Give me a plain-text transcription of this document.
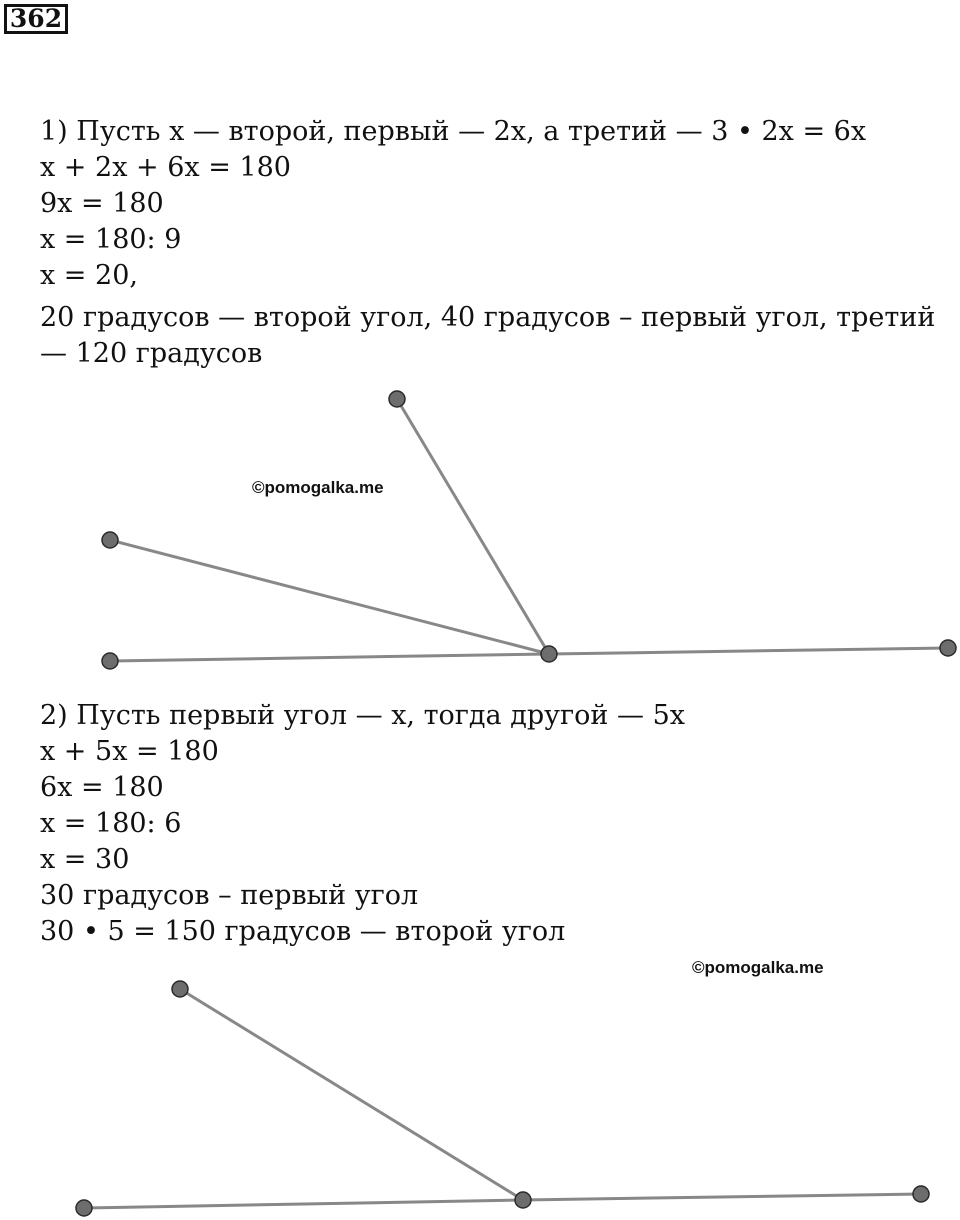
362
1) Пусть x — второй, первый — 2x, а третий — 3 • 2x = 6x
x + 2x + 6x = 180
9x = 180
x = 180: 9
x = 20,
20 градусов — второй угол, 40 градусов – первый угол, третий
— 120 градусов
©pomogalka.me
2) Пусть первый угол — x, тогда другой — 5x
x + 5x = 180
6x = 180
x = 180: 6
x = 30
30 градусов – первый угол
30 • 5 = 150 градусов — второй угол
©pomogalka.me
